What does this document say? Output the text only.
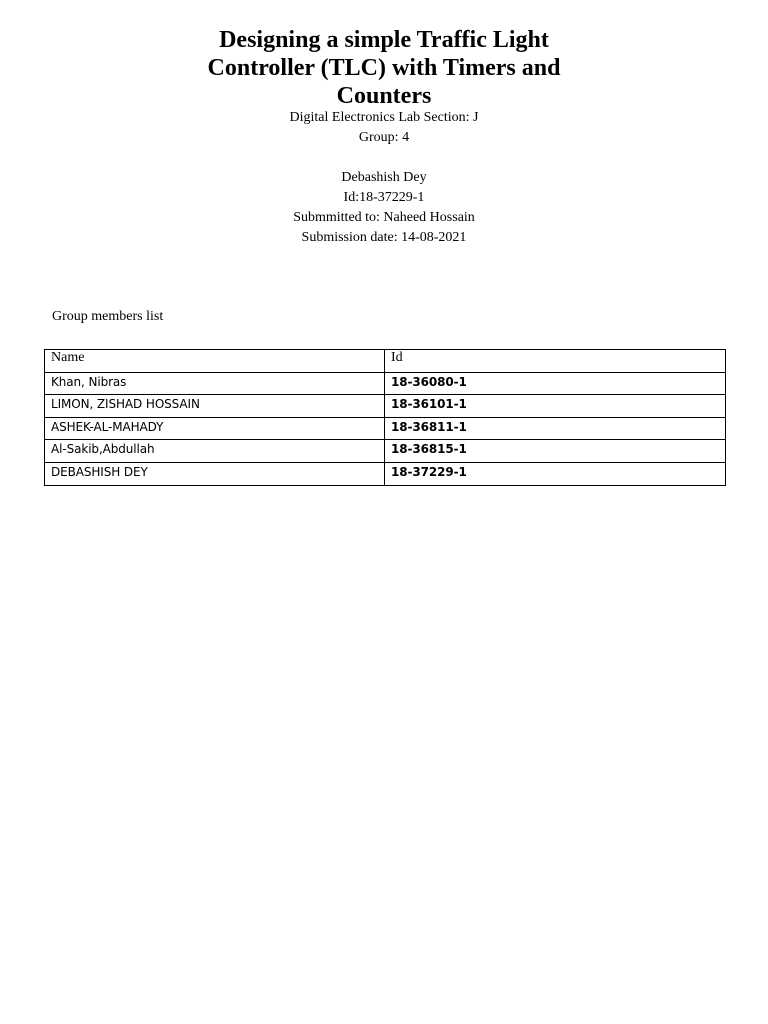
Designing a simple Traffic Light
Controller (TLC) with Timers and
Counters
Digital Electronics Lab Section: J
Group: 4
Debashish Dey
Id:18-37229-1
Submmitted to: Naheed Hossain
Submission date: 14-08-2021
Group members list
Name	Id
Khan, Nibras	18-36080-1
LIMON, ZISHAD HOSSAIN	18-36101-1
ASHEK-AL-MAHADY	18-36811-1
Al-Sakib,Abdullah	18-36815-1
DEBASHISH DEY	18-37229-1
